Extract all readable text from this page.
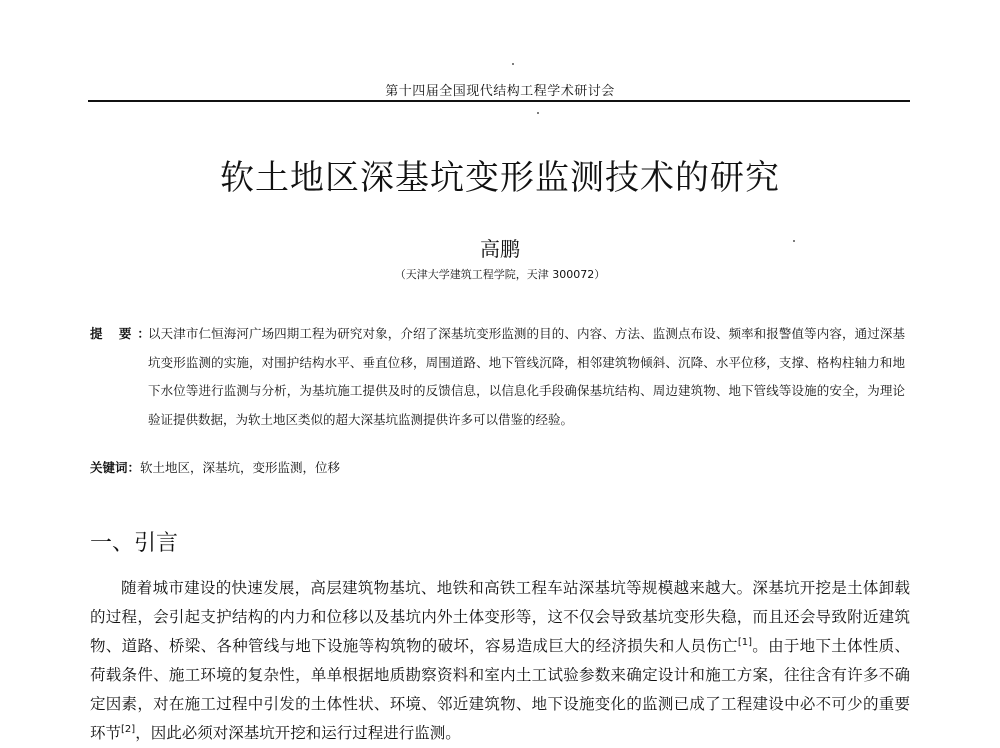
第十四届全国现代结构工程学术研讨会
软土地区深基坑变形监测技术的研究
高鹏
（天津大学建筑工程学院，天津 300072）
提 要：
以天津市仁恒海河广场四期工程为研究对象，介绍了深基坑变形监测的目的、内容、方法、监测点布设、频率和报警值等内容，通过深基坑变形监测的实施，对围护结构水平、垂直位移，周围道路、地下管线沉降，相邻建筑物倾斜、沉降、水平位移，支撑、格构柱轴力和地下水位等进行监测与分析，为基坑施工提供及时的反馈信息，以信息化手段确保基坑结构、周边建筑物、地下管线等设施的安全，为理论验证提供数据，为软土地区类似的超大深基坑监测提供许多可以借鉴的经验。
关键词：软土地区，深基坑，变形监测，位移
一、引言
随着城市建设的快速发展，高层建筑物基坑、地铁和高铁工程车站深基坑等规模越来越大。深基坑开挖是土体卸载的过程，会引起支护结构的内力和位移以及基坑内外土体变形等，这不仅会导致基坑变形失稳，而且还会导致附近建筑物、道路、桥梁、各种管线与地下设施等构筑物的破坏，容易造成巨大的经济损失和人员伤亡[1]。由于地下土体性质、荷载条件、施工环境的复杂性，单单根据地质勘察资料和室内土工试验参数来确定设计和施工方案，往往含有许多不确定因素，对在施工过程中引发的土体性状、环境、邻近建筑物、地下设施变化的监测已成了工程建设中必不可少的重要环节[2]，因此必须对深基坑开挖和运行过程进行监测。
